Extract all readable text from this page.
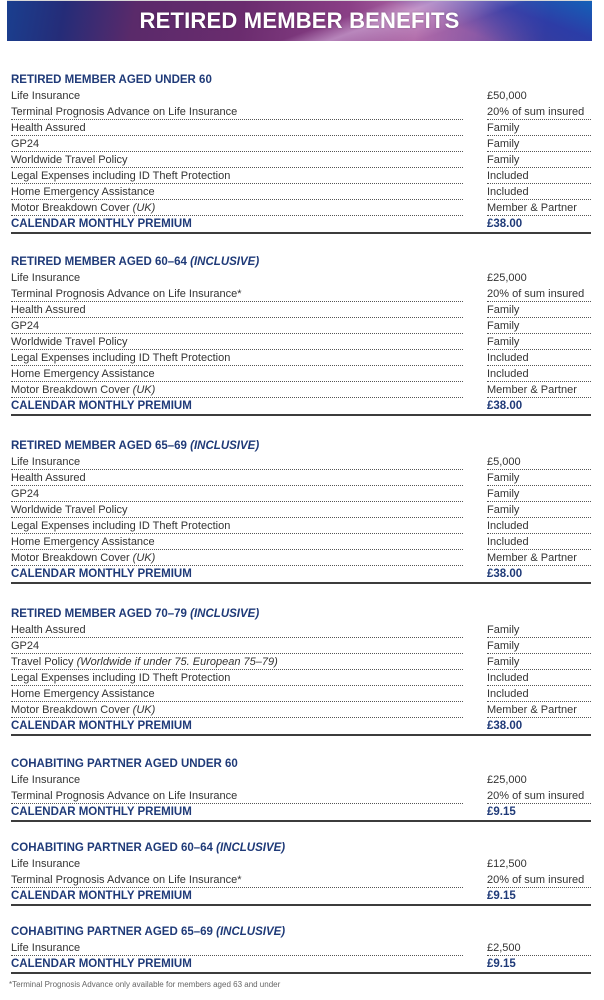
RETIRED MEMBER BENEFITS
RETIRED MEMBER AGED UNDER 60
Life Insurance	£50,000
Terminal Prognosis Advance on Life Insurance	20% of sum insured
Health Assured	Family
GP24	Family
Worldwide Travel Policy	Family
Legal Expenses including ID Theft Protection	Included
Home Emergency Assistance	Included
Motor Breakdown Cover (UK)	Member & Partner
CALENDAR MONTHLY PREMIUM	£38.00
RETIRED MEMBER AGED 60–64 (INCLUSIVE)
Life Insurance	£25,000
Terminal Prognosis Advance on Life Insurance*	20% of sum insured
Health Assured	Family
GP24	Family
Worldwide Travel Policy	Family
Legal Expenses including ID Theft Protection	Included
Home Emergency Assistance	Included
Motor Breakdown Cover (UK)	Member & Partner
CALENDAR MONTHLY PREMIUM	£38.00
RETIRED MEMBER AGED 65–69 (INCLUSIVE)
Life Insurance	£5,000
Health Assured	Family
GP24	Family
Worldwide Travel Policy	Family
Legal Expenses including ID Theft Protection	Included
Home Emergency Assistance	Included
Motor Breakdown Cover (UK)	Member & Partner
CALENDAR MONTHLY PREMIUM	£38.00
RETIRED MEMBER AGED 70–79 (INCLUSIVE)
Health Assured	Family
GP24	Family
Travel Policy (Worldwide if under 75. European 75–79)	Family
Legal Expenses including ID Theft Protection	Included
Home Emergency Assistance	Included
Motor Breakdown Cover (UK)	Member & Partner
CALENDAR MONTHLY PREMIUM	£38.00
COHABITING PARTNER AGED UNDER 60
Life Insurance	£25,000
Terminal Prognosis Advance on Life Insurance	20% of sum insured
CALENDAR MONTHLY PREMIUM	£9.15
COHABITING PARTNER AGED 60–64 (INCLUSIVE)
Life Insurance	£12,500
Terminal Prognosis Advance on Life Insurance*	20% of sum insured
CALENDAR MONTHLY PREMIUM	£9.15
COHABITING PARTNER AGED 65–69 (INCLUSIVE)
Life Insurance	£2,500
CALENDAR MONTHLY PREMIUM	£9.15
*Terminal Prognosis Advance only available for members aged 63 and under
